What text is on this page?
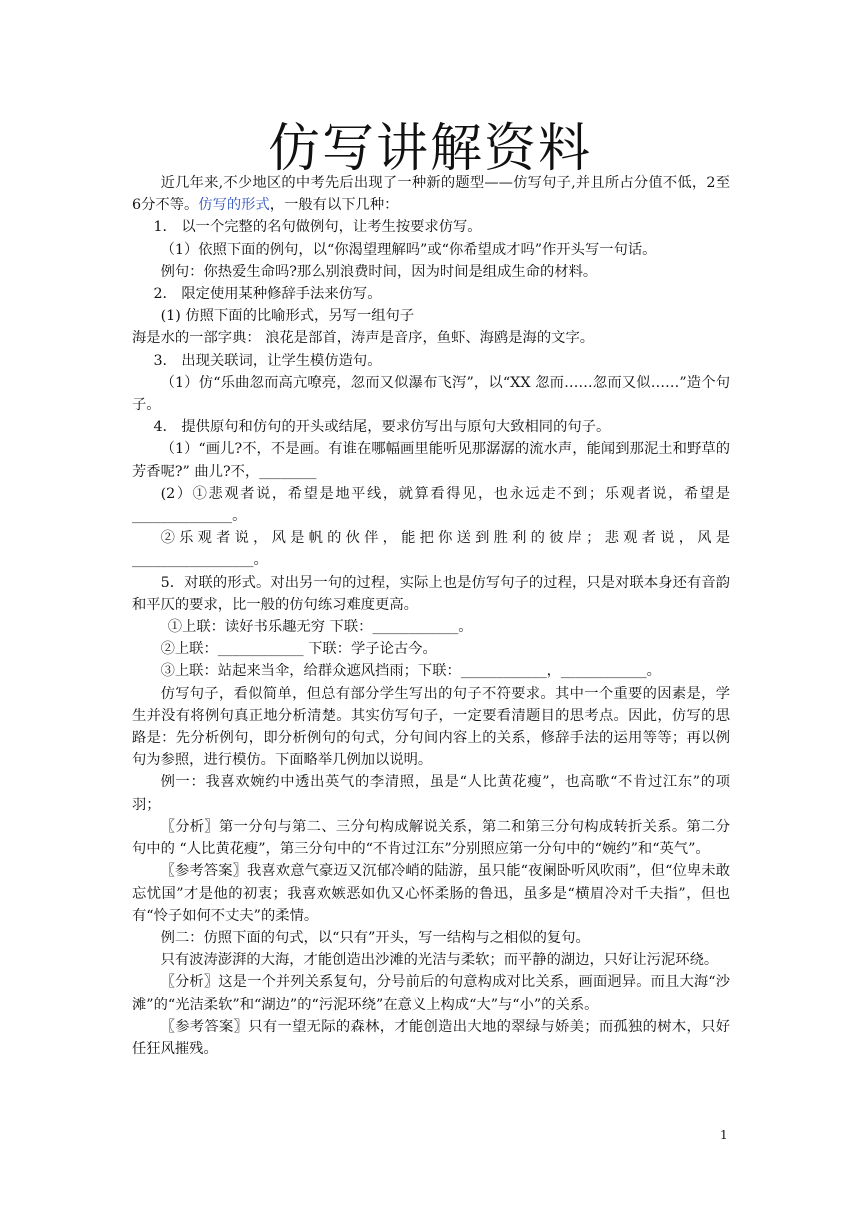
仿写讲解资料

近几年来,不少地区的中考先后出现了一种新的题型——仿写句子,并且所占分值不低，2至6分不等。仿写的形式，一般有以下几种：

1． 以一个完整的名句做例句，让考生按要求仿写。

（1）依照下面的例句，以“你渴望理解吗”或“你希望成才吗”作开头写一句话。

例句：你热爱生命吗?那么别浪费时间，因为时间是组成生命的材料。

2． 限定使用某种修辞手法来仿写。

(1) 仿照下面的比喻形式，另写一组句子

海是水的一部字典： 浪花是部首，涛声是音序，鱼虾、海鸥是海的文字。

3． 出现关联词，让学生模仿造句。

（1）仿“乐曲忽而高亢嘹亮，忽而又似瀑布飞泻”，以“XX 忽而……忽而又似……”造个句子。

4． 提供原句和仿句的开头或结尾，要求仿写出与原句大致相同的句子。

（1）“画儿?不，不是画。有谁在哪幅画里能听见那潺潺的流水声，能闻到那泥土和野草的芳香呢?” 曲儿?不，________

(2）①悲观者说，希望是地平线，就算看得见，也永远走不到；乐观者说，希望是

______________。

②乐观者说，风是帆的伙伴，能把你送到胜利的彼岸；悲观者说，风是

_________________。

5．对联的形式。对出另一句的过程，实际上也是仿写句子的过程，只是对联本身还有音韵和平仄的要求，比一般的仿句练习难度更高。

①上联：读好书乐趣无穷 下联：____________。

②上联：____________ 下联：学子论古今。

③上联：站起来当伞，给群众遮风挡雨；下联：____________，____________。

仿写句子，看似简单，但总有部分学生写出的句子不符要求。其中一个重要的因素是，学生并没有将例句真正地分析清楚。其实仿写句子，一定要看清题目的思考点。因此，仿写的思路是：先分析例句，即分析例句的句式，分句间内容上的关系，修辞手法的运用等等；再以例句为参照，进行模仿。下面略举几例加以说明。

例一：我喜欢婉约中透出英气的李清照，虽是“人比黄花瘦”，也高歌“不肯过江东”的项羽；

〖分析〗第一分句与第二、三分句构成解说关系，第二和第三分句构成转折关系。第二分句中的 “人比黄花瘦”，第三分句中的“不肯过江东”分别照应第一分句中的“婉约”和“英气”。

〖参考答案〗我喜欢意气豪迈又沉郁冷峭的陆游，虽只能“夜阑卧听风吹雨”，但“位卑未敢忘忧国”才是他的初衷；我喜欢嫉恶如仇又心怀柔肠的鲁迅，虽多是“横眉冷对千夫指”，但也有“怜子如何不丈夫”的柔情。

例二：仿照下面的句式，以“只有”开头，写一结构与之相似的复句。

只有波涛澎湃的大海，才能创造出沙滩的光洁与柔软；而平静的湖边，只好让污泥环绕。

〖分析〗这是一个并列关系复句，分号前后的句意构成对比关系，画面迥异。而且大海“沙滩”的“光洁柔软”和“湖边”的“污泥环绕”在意义上构成“大”与“小”的关系。

〖参考答案〗只有一望无际的森林，才能创造出大地的翠绿与娇美；而孤独的树木，只好任狂风摧残。

1
